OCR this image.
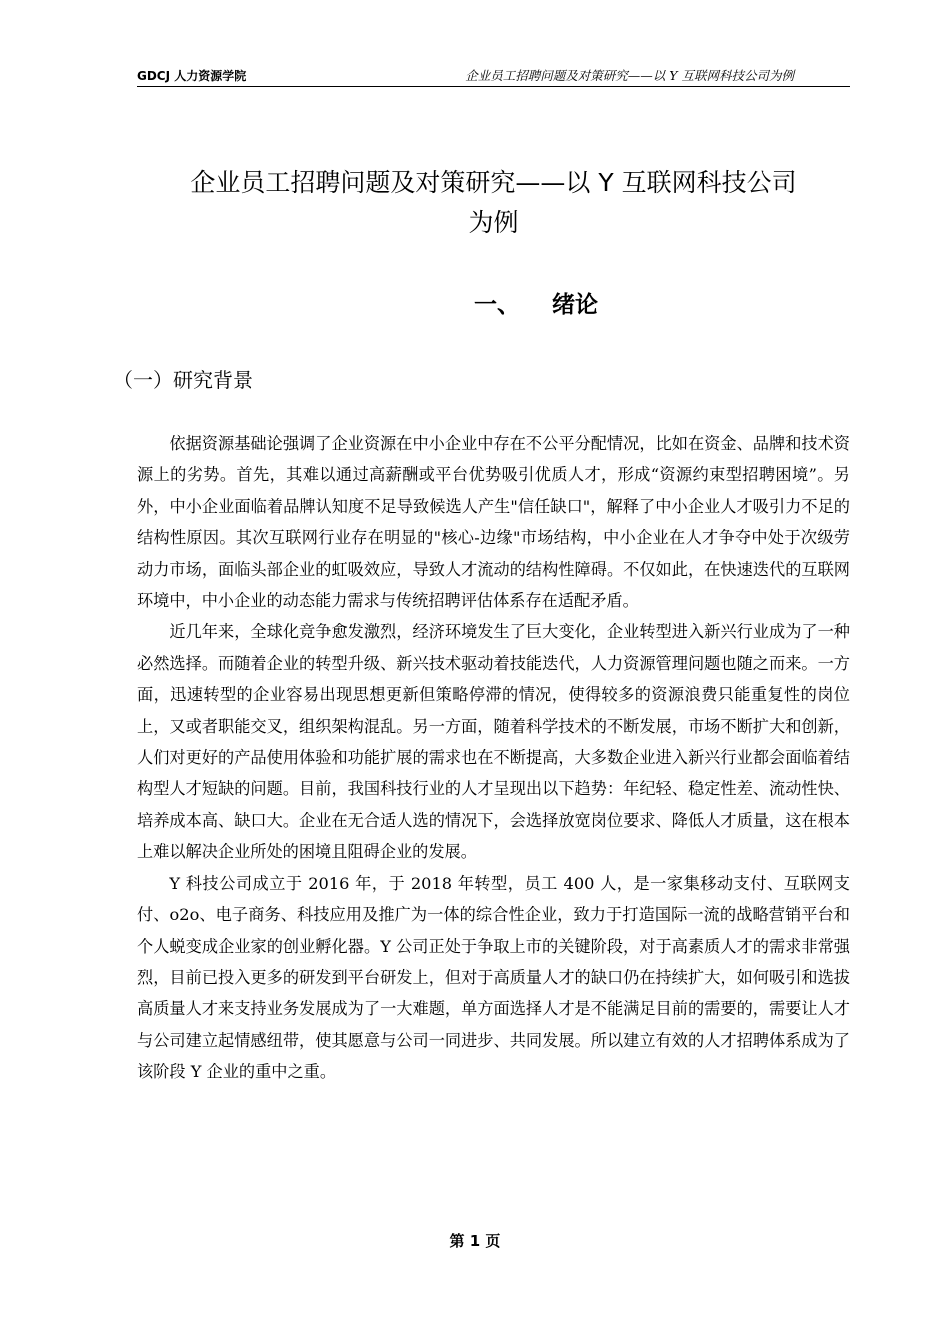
GDCJ 人力资源学院	企业员工招聘问题及对策研究——以 Y 互联网科技公司为例
企业员工招聘问题及对策研究——以 Y 互联网科技公司
为例
一、 绪论
（一）研究背景

依据资源基础论强调了企业资源在中小企业中存在不公平分配情况，比如在资金、品牌和技术资源上的劣势。首先，其难以通过高薪酬或平台优势吸引优质人才，形成“资源约束型招聘困境”。另外，中小企业面临着品牌认知度不足导致候选人产生"信任缺口"，解释了中小企业人才吸引力不足的结构性原因。其次互联网行业存在明显的"核心-边缘"市场结构，中小企业在人才争夺中处于次级劳动力市场，面临头部企业的虹吸效应，导致人才流动的结构性障碍。不仅如此，在快速迭代的互联网环境中，中小企业的动态能力需求与传统招聘评估体系存在适配矛盾。

近几年来，全球化竞争愈发激烈，经济环境发生了巨大变化，企业转型进入新兴行业成为了一种必然选择。而随着企业的转型升级、新兴技术驱动着技能迭代，人力资源管理问题也随之而来。一方面，迅速转型的企业容易出现思想更新但策略停滞的情况，使得较多的资源浪费只能重复性的岗位上，又或者职能交叉，组织架构混乱。另一方面，随着科学技术的不断发展，市场不断扩大和创新，人们对更好的产品使用体验和功能扩展的需求也在不断提高，大多数企业进入新兴行业都会面临着结构型人才短缺的问题。目前，我国科技行业的人才呈现出以下趋势：年纪轻、稳定性差、流动性快、培养成本高、缺口大。企业在无合适人选的情况下，会选择放宽岗位要求、降低人才质量，这在根本上难以解决企业所处的困境且阻碍企业的发展。

Y 科技公司成立于 2016 年，于 2018 年转型，员工 400 人，是一家集移动支付、互联网支付、o2o、电子商务、科技应用及推广为一体的综合性企业，致力于打造国际一流的战略营销平台和个人蜕变成企业家的创业孵化器。Y 公司正处于争取上市的关键阶段，对于高素质人才的需求非常强烈，目前已投入更多的研发到平台研发上，但对于高质量人才的缺口仍在持续扩大，如何吸引和选拔高质量人才来支持业务发展成为了一大难题，单方面选择人才是不能满足目前的需要的，需要让人才与公司建立起情感纽带，使其愿意与公司一同进步、共同发展。所以建立有效的人才招聘体系成为了该阶段 Y 企业的重中之重。

第 1 页
